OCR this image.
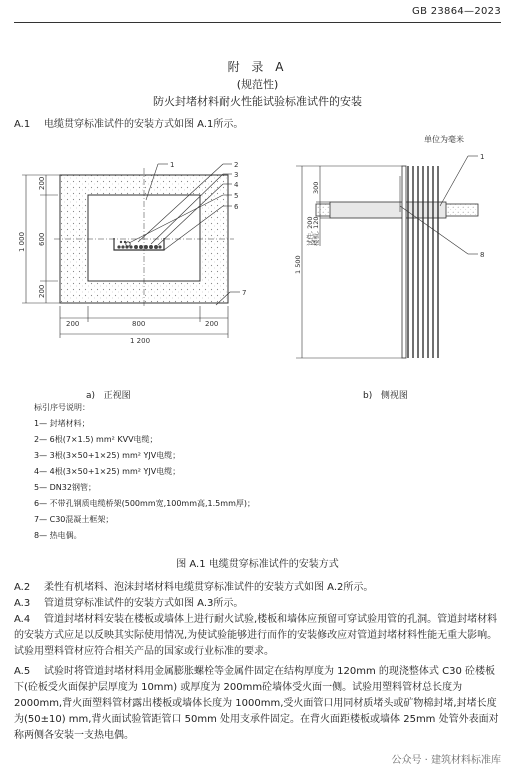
GB 23864—2023
附 录 A
(规范性)
防火封堵材料耐火性能试验标准试件的安装
A.1 电缆贯穿标准试件的安装方式如图 A.1所示。
单位为毫米
200
600
200
1 000
200	800	200
1 200
1	2
3
4
5
6
7
300
1 500
试件, 200
楼板, 120
1
8
a) 正视图	b) 侧视图
标引序号说明：
1— 封堵材料；
2— 6根(7×1.5) mm² KVV电缆；
3— 3根(3×50+1×25) mm² YJV电缆；
4— 4根(3×50+1×25) mm² YJV电缆；
5— DN32钢管；
6— 不带孔钢质电缆桥架(500mm宽,100mm高,1.5mm厚)；
7— C30混凝土框架；
8— 热电偶。
图 A.1 电缆贯穿标准试件的安装方式
A.2 柔性有机堵料、泡沫封堵材料电缆贯穿标准试件的安装方式如图 A.2所示。
A.3 管道贯穿标准试件的安装方式如图 A.3所示。
A.4 管道封堵材料安装在楼板或墙体上进行耐火试验,楼板和墙体应预留可穿试验用管的孔洞。管道封堵材料的安装方式应足以反映其实际使用情况,为使试验能够进行而作的安装修改应对管道封堵材料性能无重大影响。试验用塑料管材应符合相关产品的国家或行业标准的要求。
A.5 试验时将管道封堵材料用金属膨胀螺栓等金属件固定在结构厚度为 120mm 的现浇整体式 C30 砼楼板下(砼板受火面保护层厚度为 10mm) 或厚度为 200mm砼墙体受火面一侧。试验用塑料管材总长度为 2000mm,背火面塑料管材露出楼板或墙体长度为 1000mm,受火面管口用同材质堵头或矿物棉封堵,封堵长度为(50±10) mm,背火面试验管距管口 50mm 处用支承件固定。在背火面距楼板或墙体 25mm 处管外表面对称两侧各安装一支热电偶。
公众号 · 建筑材料标准库
